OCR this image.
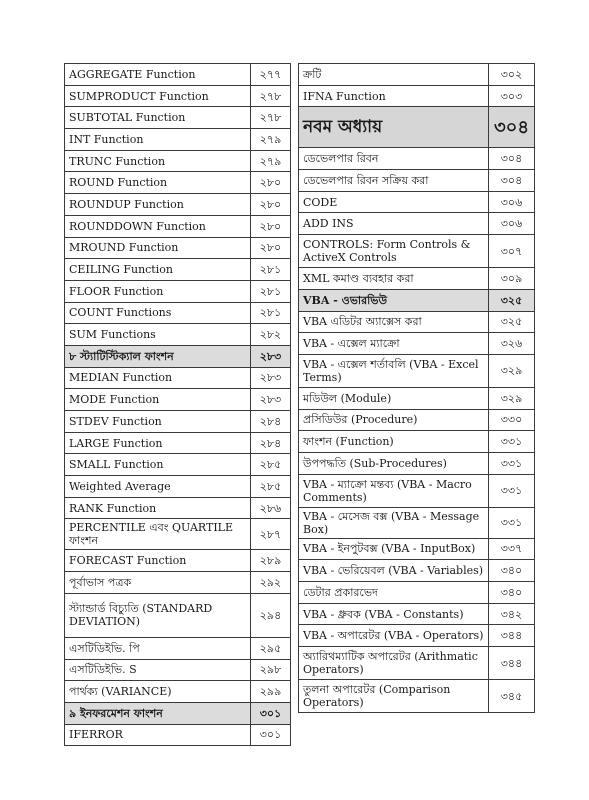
AGGREGATE Function	২৭৭
SUMPRODUCT Function	২৭৮
SUBTOTAL Function	২৭৮
INT Function	২৭৯
TRUNC Function	২৭৯
ROUND Function	২৮০
ROUNDUP Function	২৮০
ROUNDDOWN Function	২৮০
MROUND Function	২৮০
CEILING Function	২৮১
FLOOR Function	২৮১
COUNT Functions	২৮১
SUM Functions	২৮২
৮ স্ট্যাটিস্টিক্যাল ফাংশন	২৮৩
MEDIAN Function	২৮৩
MODE Function	২৮৩
STDEV Function	২৮৪
LARGE Function	২৮৪
SMALL Function	২৮৫
Weighted Average	২৮৫
RANK Function	২৮৬
PERCENTILE এবং QUARTILE ফাংশন	২৮৭
FORECAST Function	২৮৯
পূর্বাভাস পত্রক	২৯২
স্ট্যান্ডার্ড বিচ্যুতি (STANDARD DEVIATION)	২৯৪
এসটিডিইভি. পি	২৯৫
এসটিডিইভি. S	২৯৮
পার্থক্য (VARIANCE)	২৯৯
৯ ইনফরমেশন ফাংশন	৩০১
IFERROR	৩০১
ক্রটি	৩০২
IFNA Function	৩০৩
নবম অধ্যায়	৩০৪
ডেভেলপার রিবন	৩০৪
ডেভেলপার রিবন সক্রিয় করা	৩০৪
CODE	৩০৬
ADD INS	৩০৬
CONTROLS: Form Controls & ActiveX Controls	৩০৭
XML কমাণ্ড ব্যবহার করা	৩০৯
VBA - ওভারভিউ	৩২৫
VBA এডিটর অ্যাক্সেস করা	৩২৫
VBA - এক্সেল ম্যাক্রো	৩২৬
VBA - এক্সেল শর্তাবলি (VBA - Excel Terms)	৩২৯
মডিউল (Module)	৩২৯
প্রসিডিউর (Procedure)	৩৩০
ফাংশন (Function)	৩৩১
উপপদ্ধতি (Sub-Procedures)	৩৩১
VBA - ম্যাক্রো মন্তব্য (VBA - Macro Comments)	৩৩১
VBA - মেসেজ বক্স (VBA - Message Box)	৩৩১
VBA - ইনপুটবক্স (VBA - InputBox)	৩৩৭
VBA - ভেরিয়েবল (VBA - Variables)	৩৪০
ডেটার প্রকারভেদ	৩৪০
VBA - ধ্রুবক (VBA - Constants)	৩৪২
VBA - অপারেটর (VBA - Operators)	৩৪৪
অ্যারিথম্যাটিক অপারেটর (Arithmatic Operators)	৩৪৪
তুলনা অপারেটর (Comparison Operators)	৩৪৫
